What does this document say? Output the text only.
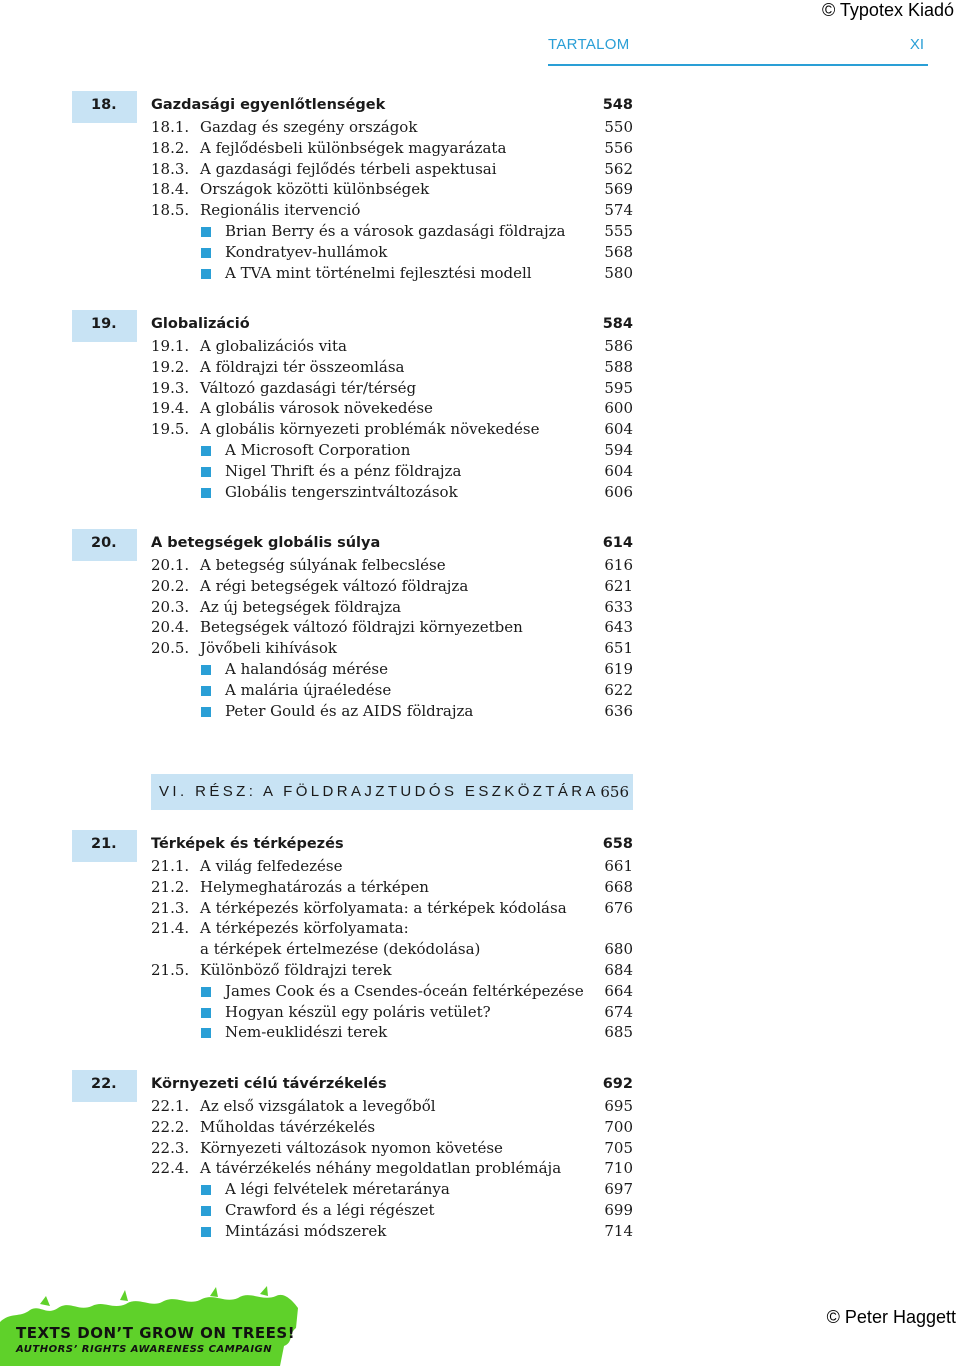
© Typotex Kiadó
TARTALOM	XI
18. Gazdasági egyenlőtlenségek	548
18.1. Gazdag és szegény országok	550
18.2. A fejlődésbeli különbségek magyarázata	556
18.3. A gazdasági fejlődés térbeli aspektusai	562
18.4. Országok közötti különbségek	569
18.5. Regionális itervenció	574
Brian Berry és a városok gazdasági földrajza	555
Kondratyev-hullámok	568
A TVA mint történelmi fejlesztési modell	580
19. Globalizáció	584
19.1. A globalizációs vita	586
19.2. A földrajzi tér összeomlása	588
19.3. Változó gazdasági tér/térség	595
19.4. A globális városok növekedése	600
19.5. A globális környezeti problémák növekedése	604
A Microsoft Corporation	594
Nigel Thrift és a pénz földrajza	604
Globális tengerszintváltozások	606
20. A betegségek globális súlya	614
20.1. A betegség súlyának felbecslése	616
20.2. A régi betegségek változó földrajza	621
20.3. Az új betegségek földrajza	633
20.4. Betegségek változó földrajzi környezetben	643
20.5. Jövőbeli kihívások	651
A halandóság mérése	619
A malária újraéledése	622
Peter Gould és az AIDS földrajza	636
21. Térképek és térképezés	658
21.1. A világ felfedezése	661
21.2. Helymeghatározás a térképen	668
21.3. A térképezés körfolyamata: a térképek kódolása	676
21.4. A térképezés körfolyamata:
a térképek értelmezése (dekódolása)	680
21.5. Különböző földrajzi terek	684
James Cook és a Csendes-óceán feltérképezése 664
Hogyan készül egy poláris vetület?	674
Nem-euklidészi terek	685
22. Környezeti célú távérzékelés	692
22.1. Az első vizsgálatok a levegőből	695
22.2. Műholdas távérzékelés	700
22.3. Környezeti változások nyomon követése	705
22.4. A távérzékelés néhány megoldatlan problémája	710
A légi felvételek méretaránya	697
Crawford és a légi régészet	699
Mintázási módszerek	714
VI. RÉSZ: A FÖLDRAJZTUDÓS ESZKÖZTÁRA 656
TEXTS DON’T GROW ON TREES!
AUTHORS’ RIGHTS AWARENESS CAMPAIGN
© Peter Haggett
